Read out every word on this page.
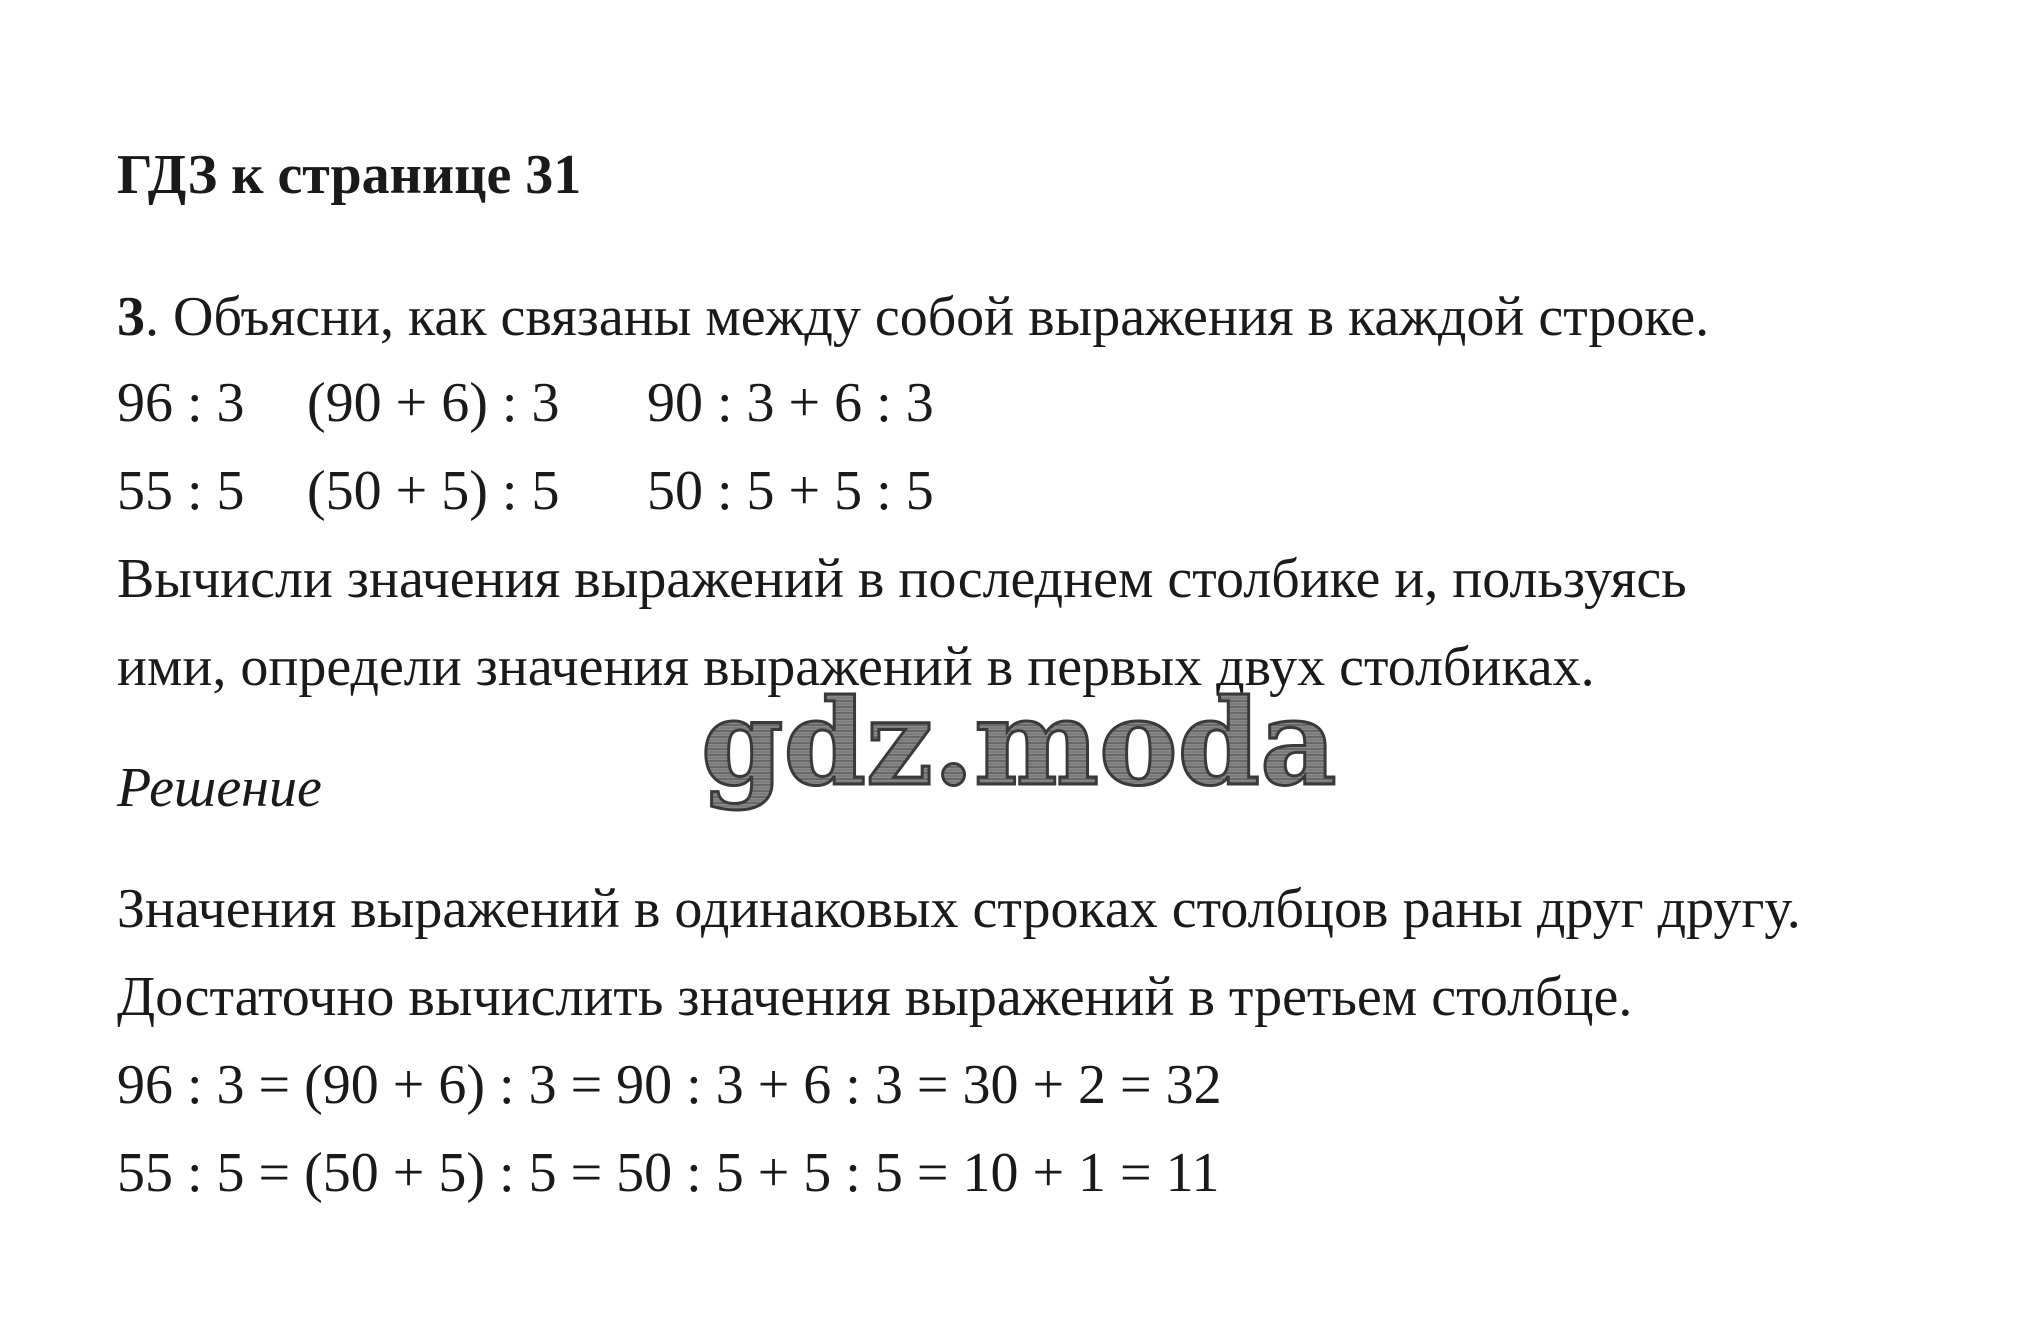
ГДЗ к странице 31
3. Объясни, как связаны между собой выражения в каждой строке.
96 : 3 (90 + 6) : 3 90 : 3 + 6 : 3
55 : 5 (50 + 5) : 5 50 : 5 + 5 : 5
Вычисли значения выражений в последнем столбике и, пользуясь
ими, определи значения выражений в первых двух столбиках.
Решение
Значения выражений в одинаковых строках столбцов раны друг другу.
Достаточно вычислить значения выражений в третьем столбце.
96 : 3 = (90 + 6) : 3 = 90 : 3 + 6 : 3 = 30 + 2 = 32
55 : 5 = (50 + 5) : 5 = 50 : 5 + 5 : 5 = 10 + 1 = 11
gdz.moda
